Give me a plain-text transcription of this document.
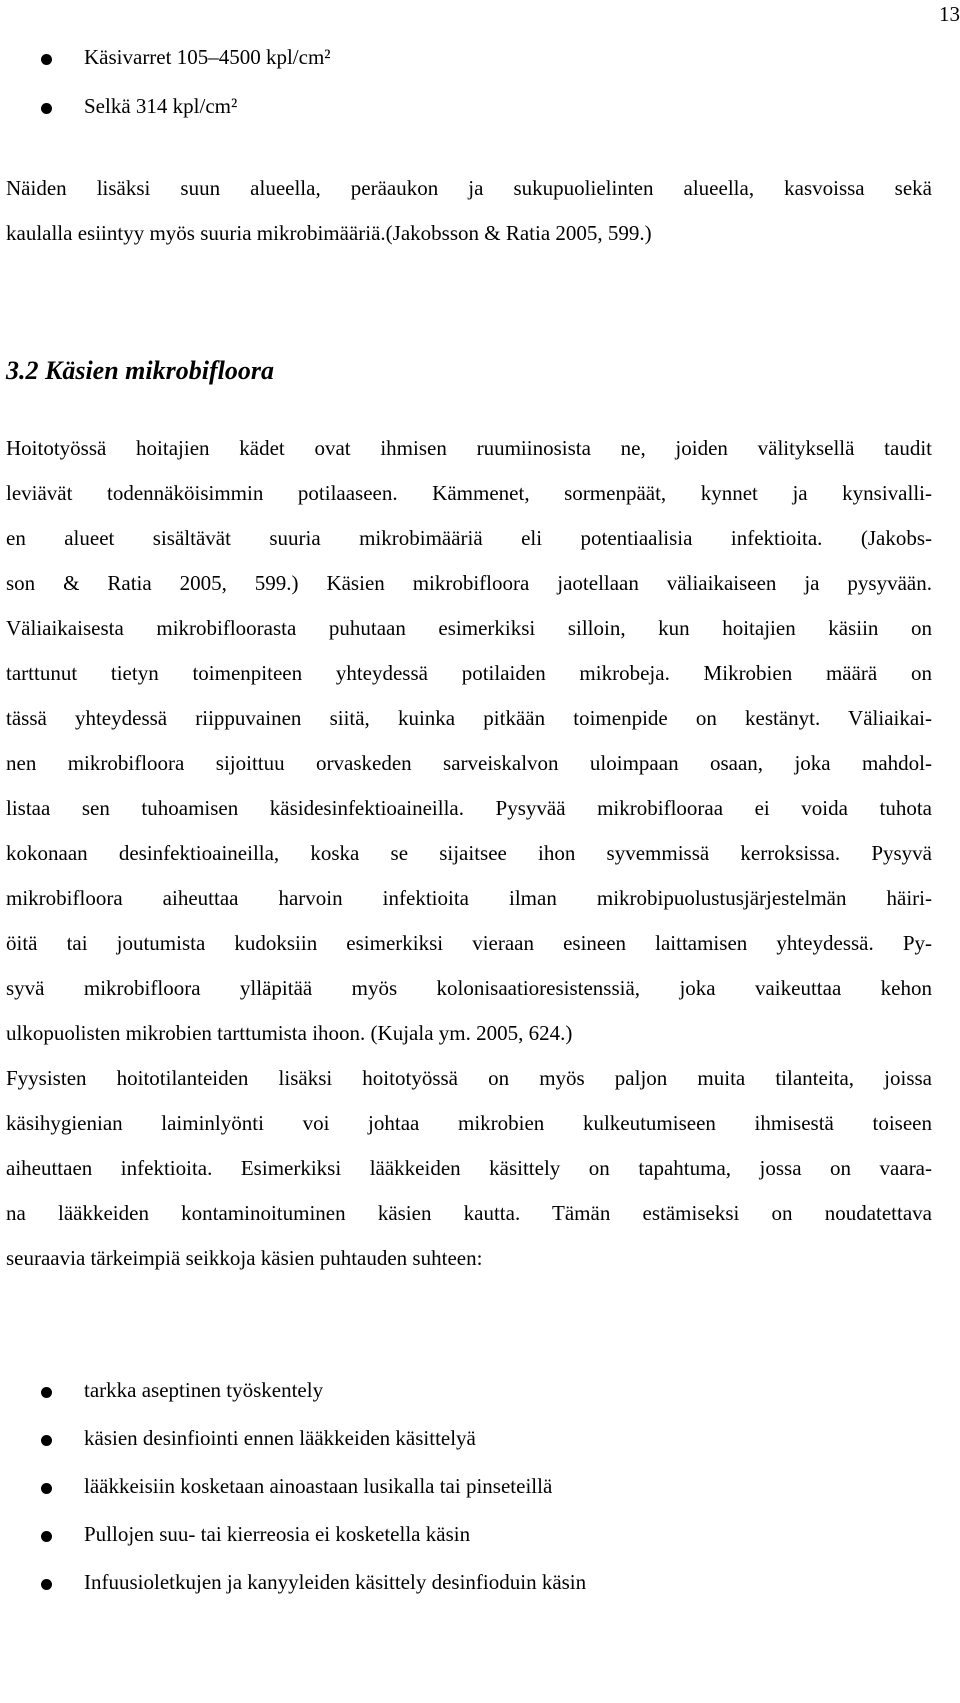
13
Käsivarret 105–4500 kpl/cm²
Selkä 314 kpl/cm²
Näiden lisäksi suun alueella, peräaukon ja sukupuolielinten alueella, kasvoissa sekä
kaulalla esiintyy myös suuria mikrobimääriä.(Jakobsson & Ratia 2005, 599.)
3.2 Käsien mikrobifloora
Hoitotyössä hoitajien kädet ovat ihmisen ruumiinosista ne, joiden välityksellä taudit
leviävät todennäköisimmin potilaaseen. Kämmenet, sormenpäät, kynnet ja kynsivalli-
en alueet sisältävät suuria mikrobimääriä eli potentiaalisia infektioita. (Jakobs-
son & Ratia 2005, 599.) Käsien mikrobifloora jaotellaan väliaikaiseen ja pysyvään.
Väliaikaisesta mikrobifloorasta puhutaan esimerkiksi silloin, kun hoitajien käsiin on
tarttunut tietyn toimenpiteen yhteydessä potilaiden mikrobeja. Mikrobien määrä on
tässä yhteydessä riippuvainen siitä, kuinka pitkään toimenpide on kestänyt. Väliaikai-
nen mikrobifloora sijoittuu orvaskeden sarveiskalvon uloimpaan osaan, joka mahdol-
listaa sen tuhoamisen käsidesinfektioaineilla. Pysyvää mikrobiflooraa ei voida tuhota
kokonaan desinfektioaineilla, koska se sijaitsee ihon syvemmissä kerroksissa. Pysyvä
mikrobifloora aiheuttaa harvoin infektioita ilman mikrobipuolustusjärjestelmän häiri-
öitä tai joutumista kudoksiin esimerkiksi vieraan esineen laittamisen yhteydessä. Py-
syvä mikrobifloora ylläpitää myös kolonisaatioresistenssiä, joka vaikeuttaa kehon
ulkopuolisten mikrobien tarttumista ihoon. (Kujala ym. 2005, 624.)
Fyysisten hoitotilanteiden lisäksi hoitotyössä on myös paljon muita tilanteita, joissa
käsihygienian laiminlyönti voi johtaa mikrobien kulkeutumiseen ihmisestä toiseen
aiheuttaen infektioita. Esimerkiksi lääkkeiden käsittely on tapahtuma, jossa on vaara-
na lääkkeiden kontaminoituminen käsien kautta. Tämän estämiseksi on noudatettava
seuraavia tärkeimpiä seikkoja käsien puhtauden suhteen:
tarkka aseptinen työskentely
käsien desinfiointi ennen lääkkeiden käsittelyä
lääkkeisiin kosketaan ainoastaan lusikalla tai pinseteillä
Pullojen suu- tai kierreosia ei kosketella käsin
Infuusioletkujen ja kanyyleiden käsittely desinfioduin käsin
